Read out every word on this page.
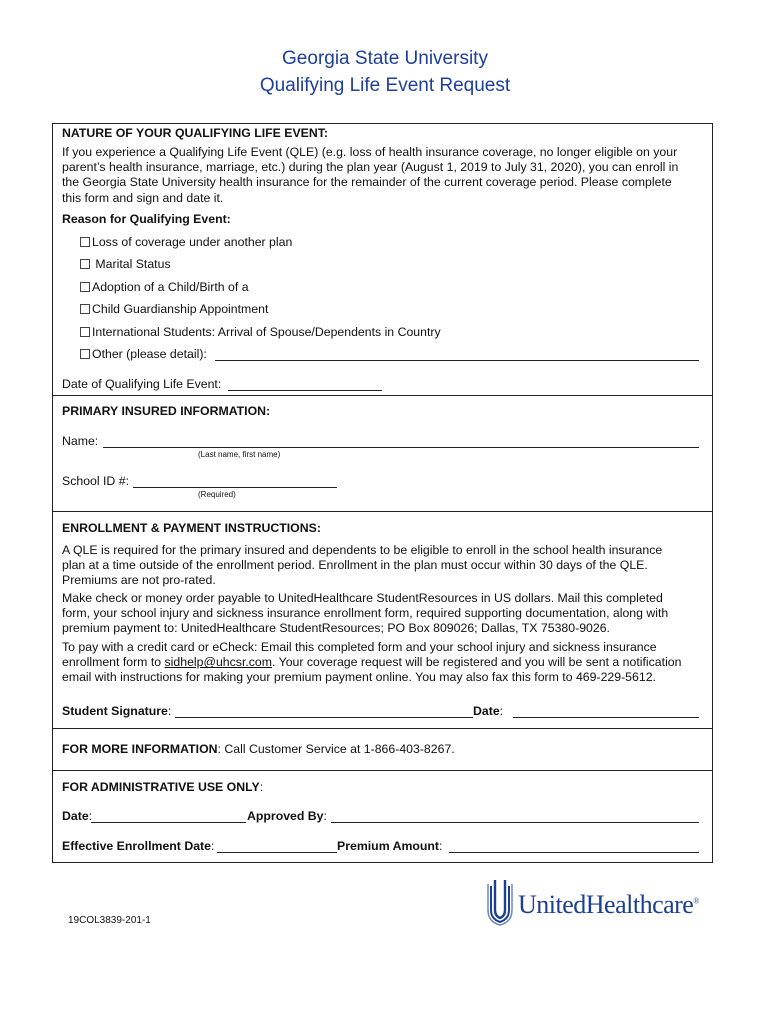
Georgia State University
Qualifying Life Event Request
NATURE OF YOUR QUALIFYING LIFE EVENT:
If you experience a Qualifying Life Event (QLE) (e.g. loss of health insurance coverage, no longer eligible on your
parent’s health insurance, marriage, etc.) during the plan year (August 1, 2019 to July 31, 2020), you can enroll in
the Georgia State University health insurance for the remainder of the current coverage period. Please complete
this form and sign and date it.
Reason for Qualifying Event:
Loss of coverage under another plan
Marital Status
Adoption of a Child/Birth of a
Child Guardianship Appointment
International Students: Arrival of Spouse/Dependents in Country
Other (please detail):
Date of Qualifying Life Event:
PRIMARY INSURED INFORMATION:
Name:
(Last name, first name)
School ID #:
(Required)
ENROLLMENT & PAYMENT INSTRUCTIONS:
A QLE is required for the primary insured and dependents to be eligible to enroll in the school health insurance
plan at a time outside of the enrollment period. Enrollment in the plan must occur within 30 days of the QLE.
Premiums are not pro-rated.
Make check or money order payable to UnitedHealthcare StudentResources in US dollars. Mail this completed
form, your school injury and sickness insurance enrollment form, required supporting documentation, along with
premium payment to: UnitedHealthcare StudentResources; PO Box 809026; Dallas, TX 75380-9026.
To pay with a credit card or eCheck: Email this completed form and your school injury and sickness insurance
enrollment form to sidhelp@uhcsr.com. Your coverage request will be registered and you will be sent a notification
email with instructions for making your premium payment online. You may also fax this form to 469-229-5612.
Student Signature:	Date:
FOR MORE INFORMATION: Call Customer Service at 1-866-403-8267.
FOR ADMINISTRATIVE USE ONLY:
Date:	Approved By:
Effective Enrollment Date:	Premium Amount:
19COL3839-201-1
UnitedHealthcare®
